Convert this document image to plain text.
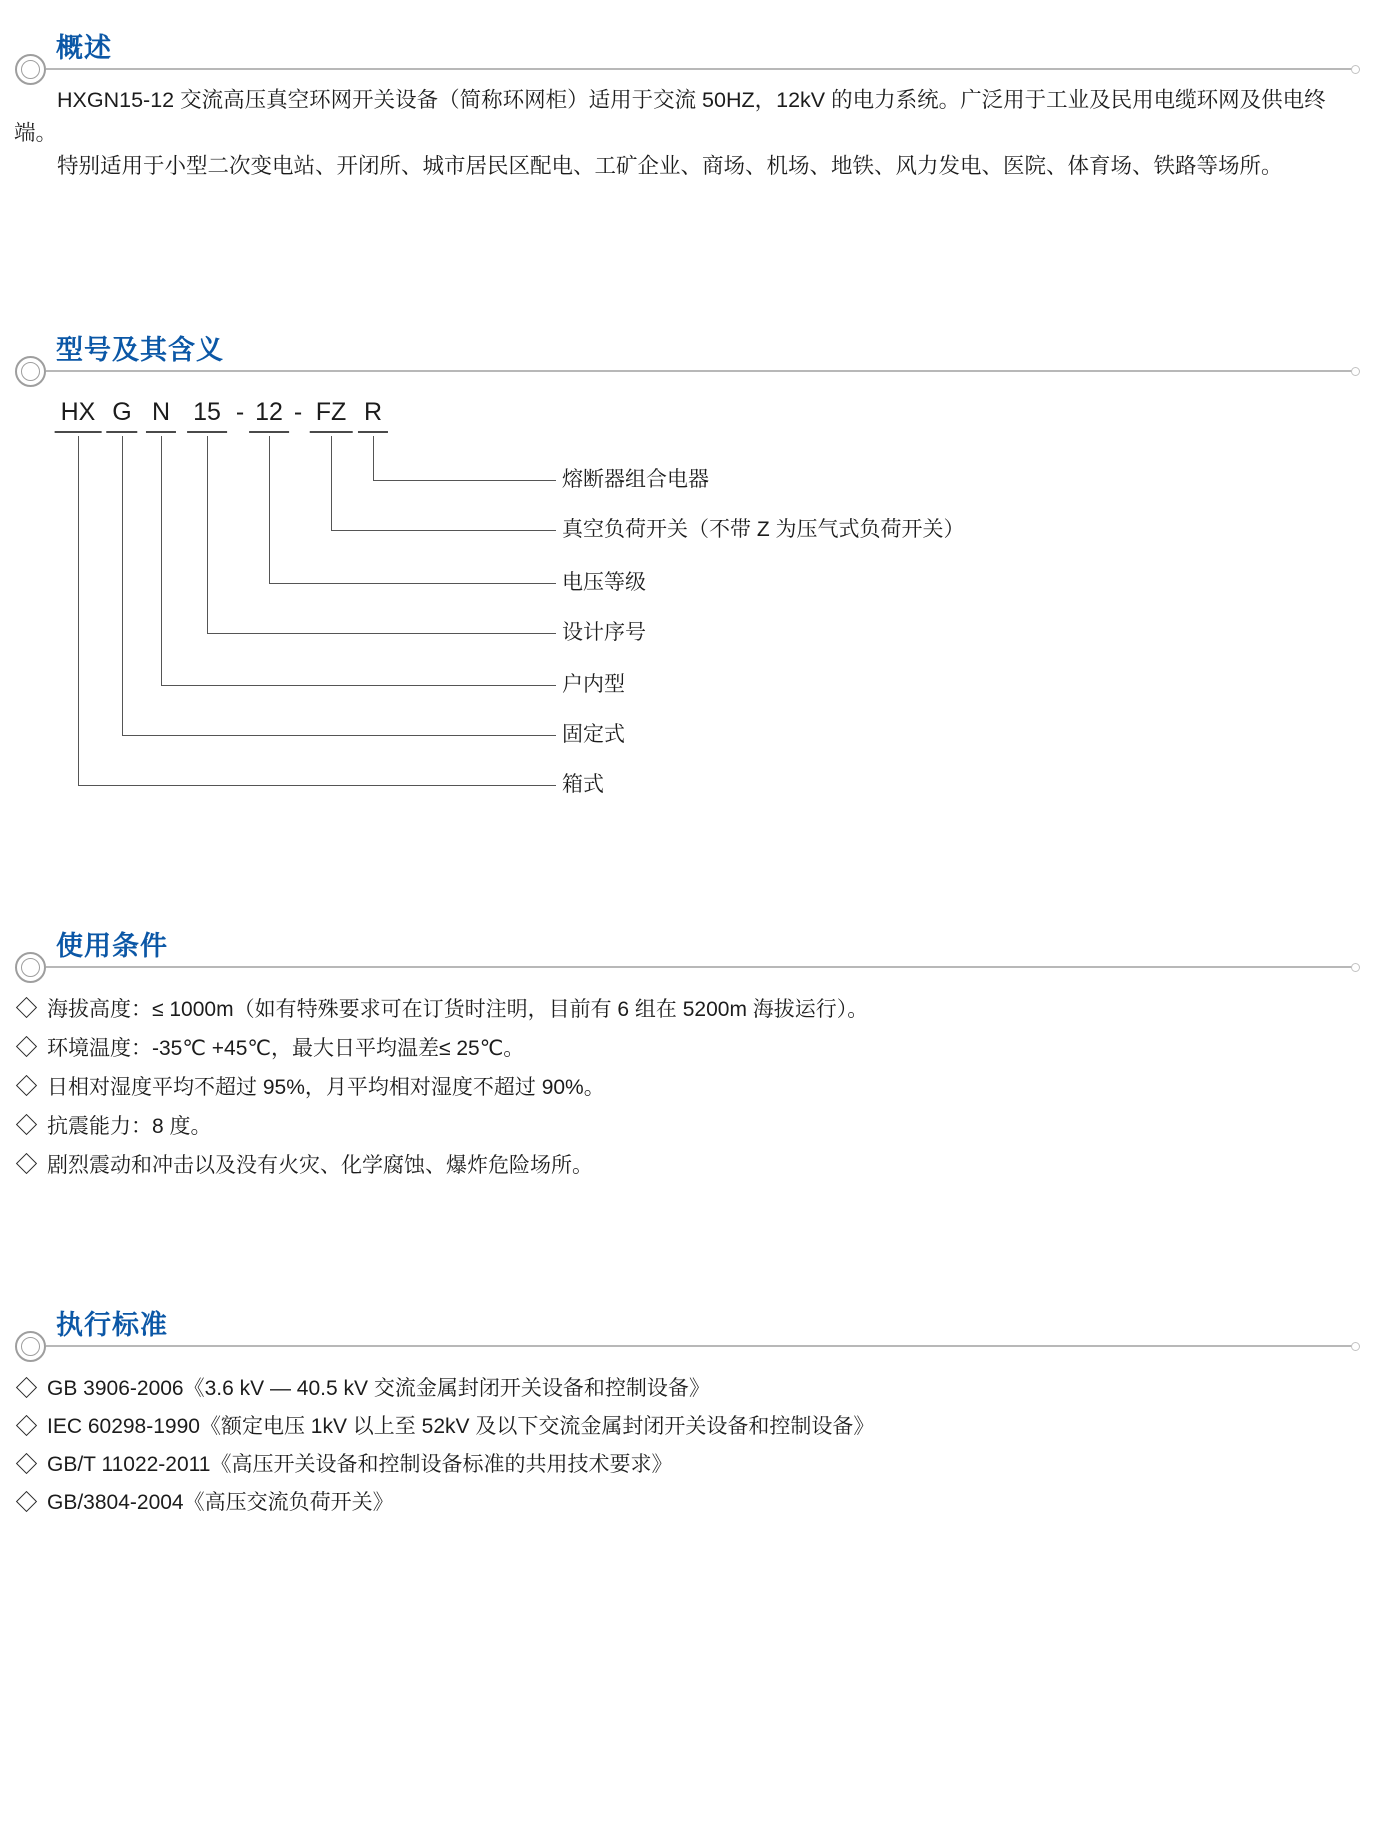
概述

HXGN15-12 交流高压真空环网开关设备（简称环网柜）适用于交流 50HZ，12kV 的电力系统。广泛用于工业及民用电缆环网及供电终端。

特别适用于小型二次变电站、开闭所、城市居民区配电、工矿企业、商场、机场、地铁、风力发电、医院、体育场、铁路等场所。

型号及其含义
HX G N 15 - 12 - FZ R
熔断器组合电器
真空负荷开关（不带 Z 为压气式负荷开关）
电压等级
设计序号
户内型
固定式
箱式
使用条件
海拔高度：≤ 1000m（如有特殊要求可在订货时注明，目前有 6 组在 5200m 海拔运行）。
环境温度：-35℃ +45℃，最大日平均温差≤ 25℃。
日相对湿度平均不超过 95%，月平均相对湿度不超过 90%。
抗震能力：8 度。
剧烈震动和冲击以及没有火灾、化学腐蚀、爆炸危险场所。
执行标准
GB 3906-2006《3.6 kV — 40.5 kV 交流金属封闭开关设备和控制设备》
IEC 60298-1990《额定电压 1kV 以上至 52kV 及以下交流金属封闭开关设备和控制设备》
GB/T 11022-2011《高压开关设备和控制设备标准的共用技术要求》
GB/3804-2004《高压交流负荷开关》
